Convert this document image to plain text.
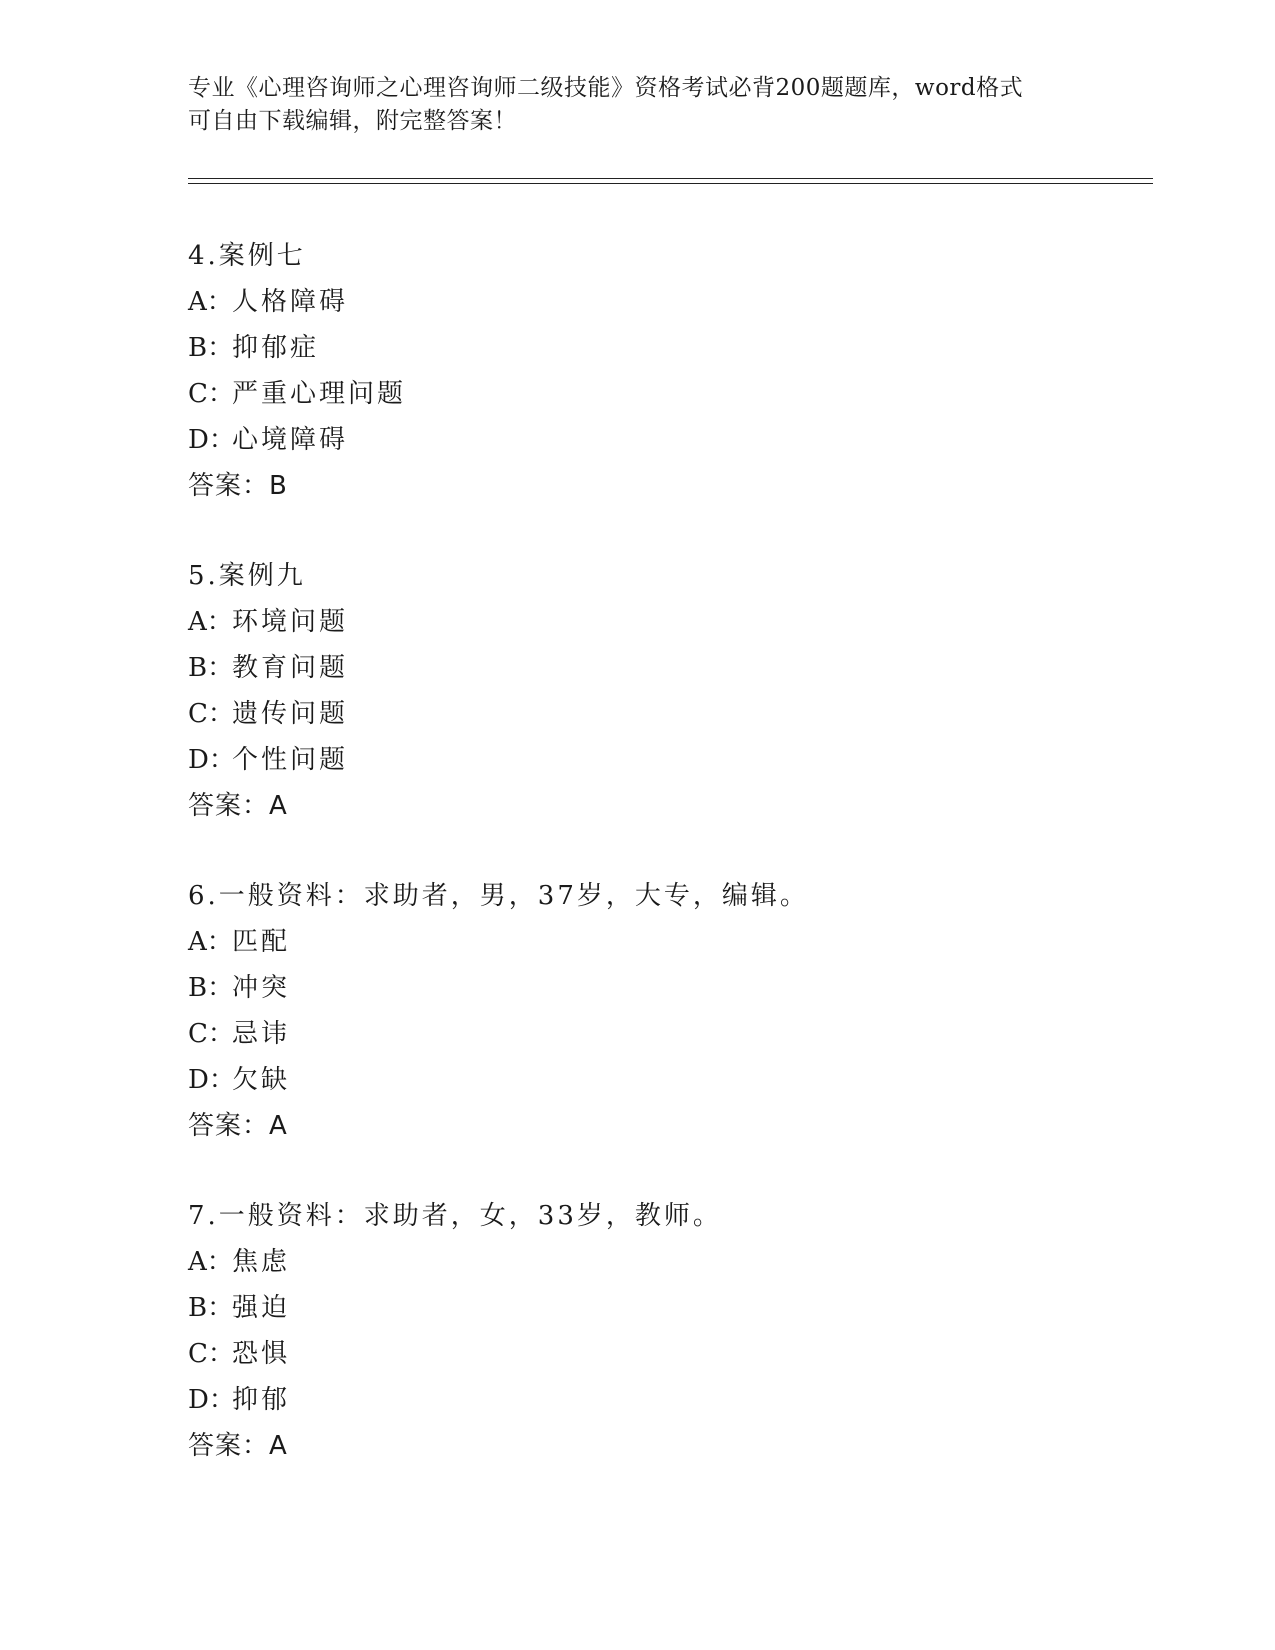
专业《心理咨询师之心理咨询师二级技能》资格考试必背200题题库，word格式

可自由下载编辑，附完整答案！

4.案例七
A：人格障碍
B：抑郁症
C：严重心理问题
D：心境障碍
答案：B
5.案例九
A：环境问题
B：教育问题
C：遗传问题
D：个性问题
答案：A
6.一般资料：求助者，男，37岁，大专，编辑。
A：匹配
B：冲突
C：忌讳
D：欠缺
答案：A
7.一般资料：求助者，女，33岁，教师。
A：焦虑
B：强迫
C：恐惧
D：抑郁
答案：A
